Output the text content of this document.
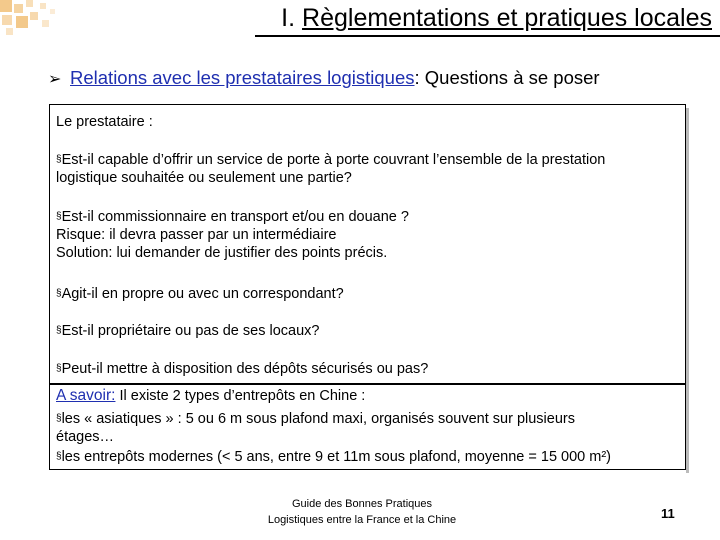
I. Règlementations et pratiques locales
➢ Relations avec les prestataires logistiques: Questions à se poser
Le prestataire :
§Est-il capable d’offrir un service de porte à porte couvrant l’ensemble de la prestation
logistique souhaitée ou seulement une partie?
§Est-il commissionnaire en transport et/ou en douane ?
Risque: il devra passer par un intermédiaire
Solution: lui demander de justifier des points précis.
§Agit-il en propre ou avec un correspondant?
§Est-il propriétaire ou pas de ses locaux?
§Peut-il mettre à disposition des dépôts sécurisés ou pas?
A savoir: Il existe 2 types d’entrepôts en Chine :
§les « asiatiques » : 5 ou 6 m sous plafond maxi, organisés souvent sur plusieurs
étages…
§les entrepôts modernes (< 5 ans, entre 9 et 11m sous plafond, moyenne = 15 000 m²)
Guide des Bonnes Pratiques
Logistiques entre la France et la Chine	11
